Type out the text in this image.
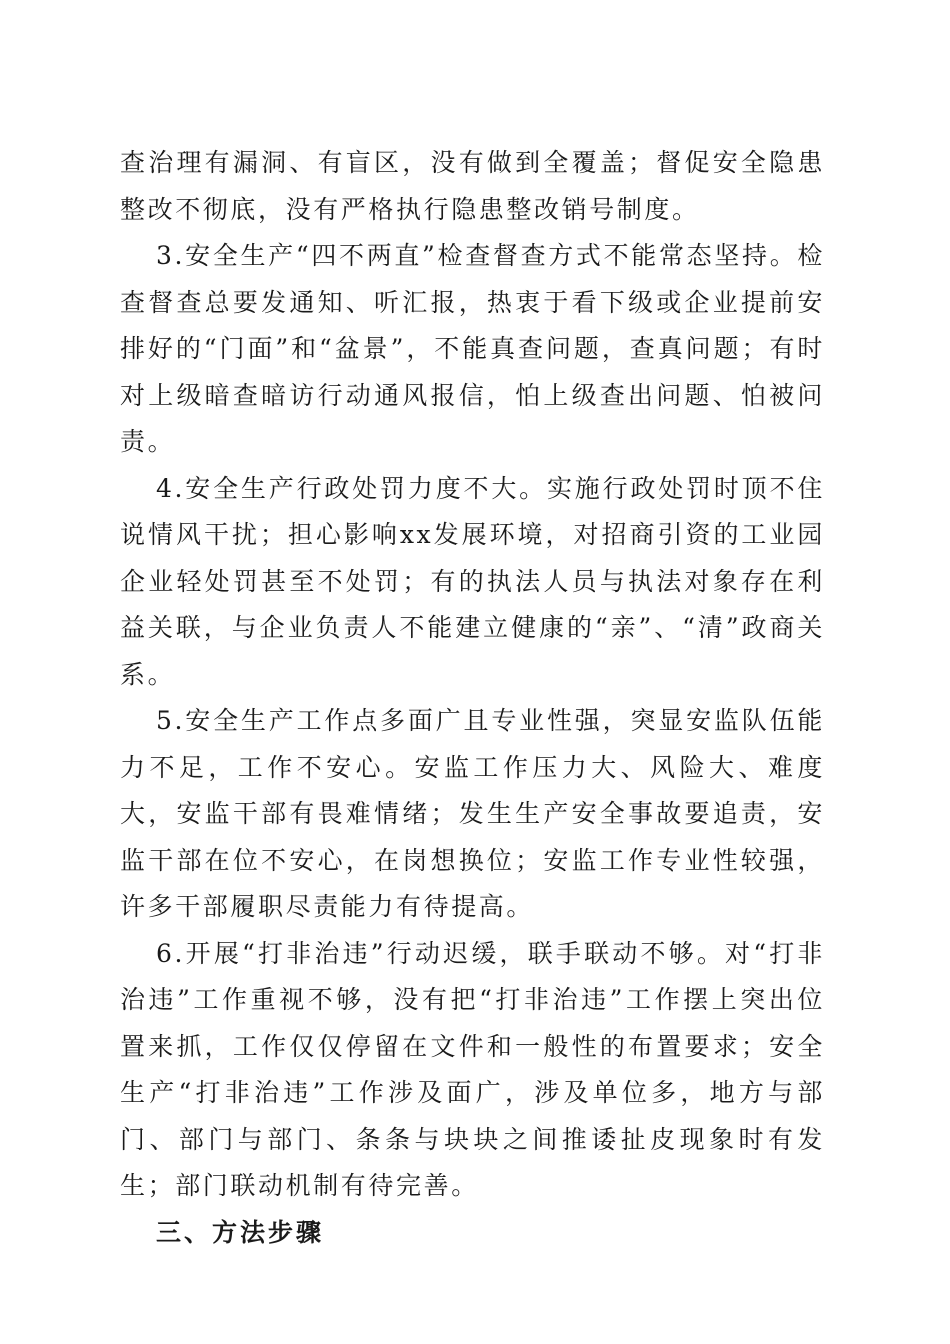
查治理有漏洞、有盲区，没有做到全覆盖；督促安全隐患整改不彻底，没有严格执行隐患整改销号制度。

3.安全生产“四不两直”检查督查方式不能常态坚持。检查督查总要发通知、听汇报，热衷于看下级或企业提前安排好的“门面”和“盆景”，不能真查问题，查真问题；有时对上级暗查暗访行动通风报信，怕上级查出问题、怕被问责。

4.安全生产行政处罚力度不大。实施行政处罚时顶不住说情风干扰；担心影响xx发展环境，对招商引资的工业园企业轻处罚甚至不处罚；有的执法人员与执法对象存在利益关联，与企业负责人不能建立健康的“亲”、“清”政商关系。

5.安全生产工作点多面广且专业性强，突显安监队伍能力不足，工作不安心。安监工作压力大、风险大、难度大，安监干部有畏难情绪；发生生产安全事故要追责，安监干部在位不安心，在岗想换位；安监工作专业性较强，许多干部履职尽责能力有待提高。

6.开展“打非治违”行动迟缓，联手联动不够。对“打非治违”工作重视不够，没有把“打非治违”工作摆上突出位置来抓，工作仅仅停留在文件和一般性的布置要求；安全生产“打非治违”工作涉及面广，涉及单位多，地方与部门、部门与部门、条条与块块之间推诿扯皮现象时有发生；部门联动机制有待完善。

三、方法步骤
